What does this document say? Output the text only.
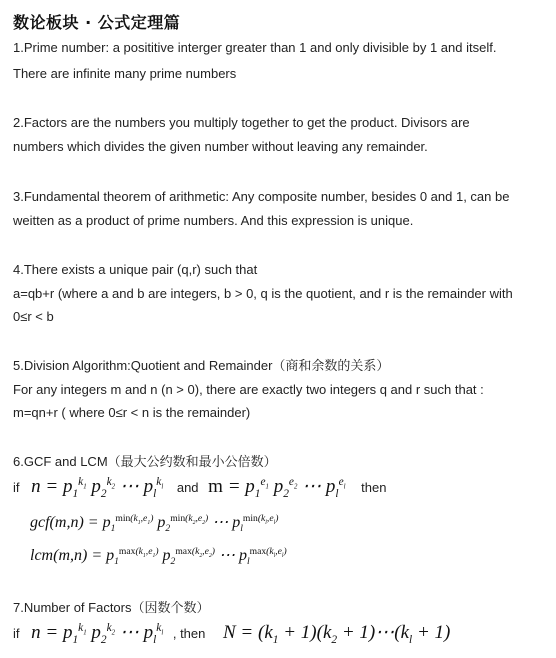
数论板块 · 公式定理篇
1.Prime number: a posititive interger greater than 1 and only divisible by 1 and itself.
There are infinite many prime numbers
2.Factors are the numbers you multiply together to get the product. Divisors are
numbers which divides the given number without leaving any remainder.
3.Fundamental theorem of arithmetic: Any composite number, besides 0 and 1, can be
weitten as a product of prime numbers. And this expression is unique.
4.There exists a unique pair (q,r) such that
a=qb+r (where a and b are integers, b > 0, q is the quotient, and r is the remainder with
0≤r < b
5.Division Algorithm:Quotient and Remainder（商和余数的关系）
For any integers m and n (n > 0), there are exactly two integers q and r such that :
m=qn+r ( where 0≤r < n is the remainder)
6.GCF and LCM（最大公约数和最小公倍数）
if $n = p_1^{k_1}$ $p_2^{k_2}$ ⋯ $p_l^{k_l}$ and $m = p_1^{e_1}$ $p_2^{e_2}$ ⋯ $p_l^{e_l}$ then
$gcf(m,n) = p_1^{min(k_1,e_1)}$ $p_2^{min(k_2,e_2)}$ ⋯ $p_l^{min(k_l,e_l)}$
$lcm(m,n) = p_1^{max(k_1,e_1)}$ $p_2^{max(k_2,e_2)}$ ⋯ $p_l^{max(k_l,e_l)}$
7.Number of Factors（因数个数）
if $n = p_1^{k_1}$ $p_2^{k_2}$ ⋯ $p_l^{k_l}$ , then $N = (k_1 + 1)(k_2$ + $1)\cdots(k_l + 1)$
